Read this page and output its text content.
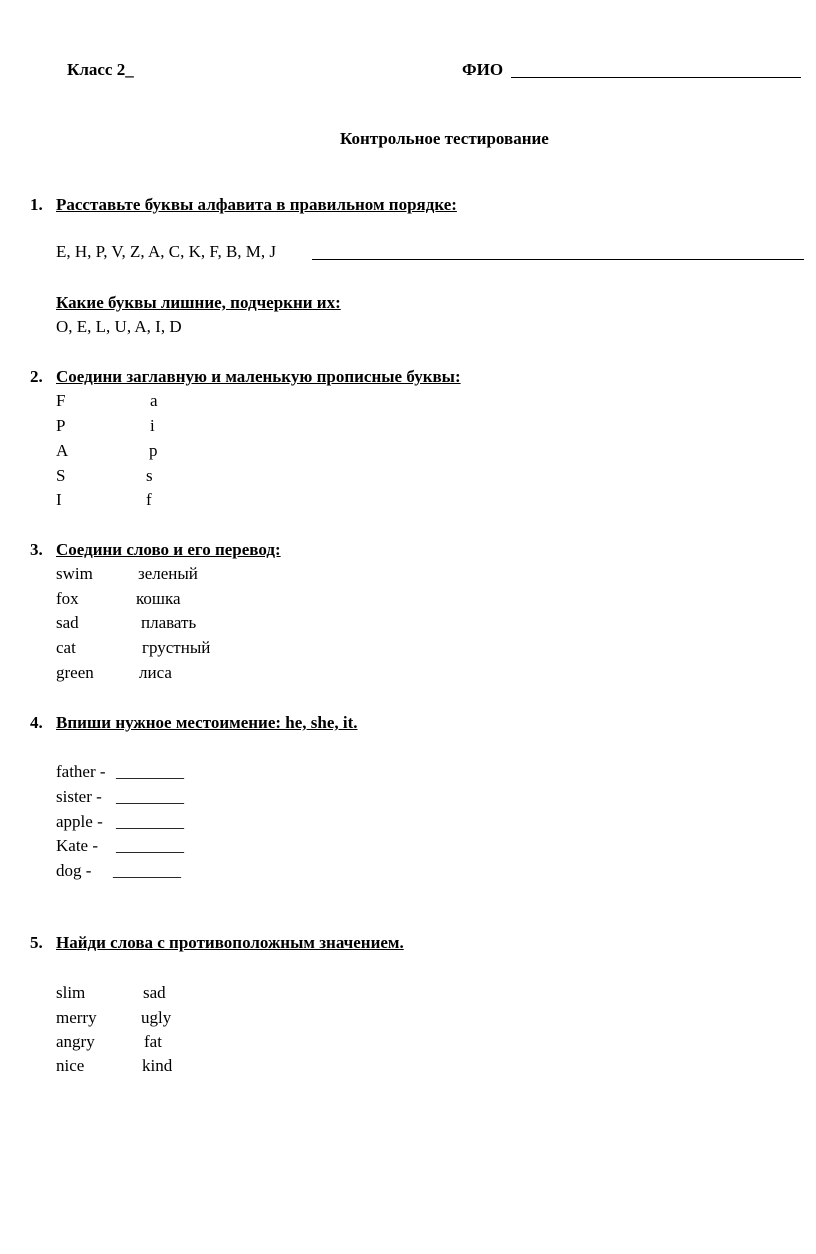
Класс 2_	ФИО
Контрольное тестирование
1. Расставьте буквы алфавита в правильном порядке:
E, H, P, V, Z, A, C, K, F, B, M, J
Какие буквы лишние, подчеркни их:
O, E, L, U, A, I, D
2. Соедини заглавную и маленькую прописные буквы:
F
P
A
S
I
a
i
p
s
f
3. Соедини слово и его перевод:
swim
fox
sad
cat
green
зеленый
кошка
плавать
грустный
лиса
4. Впиши нужное местоимение: he, she, it.
father -
sister -
apple -
Kate -
dog -
________
________
________
________
________
5. Найди слова с противоположным значением.
slim
merry
angry
nice
sad
ugly
fat
kind
